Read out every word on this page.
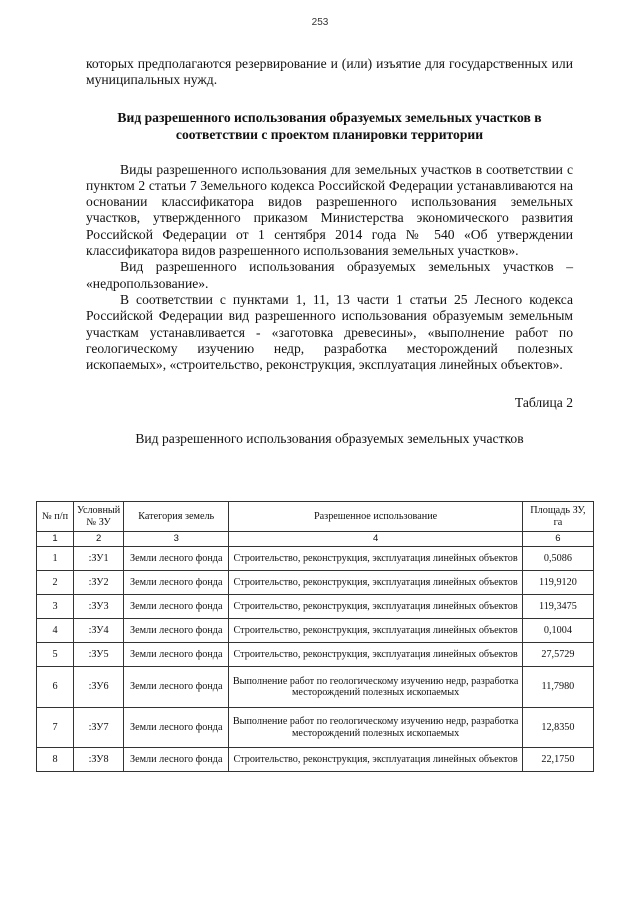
253

которых предполагаются резервирование и (или) изъятие для государственных или муниципальных нужд.

Вид разрешенного использования образуемых земельных участков в соответствии с проектом планировки территории

Виды разрешенного использования для земельных участков в соответствии с пунктом 2 статьи 7 Земельного кодекса Российской Федерации устанавливаются на основании классификатора видов разрешенного использования земельных участков, утвержденного приказом Министерства экономического развития Российской Федерации от 1 сентября 2014 года № 540 «Об утверждении классификатора видов разрешенного использования земельных участков».

Вид разрешенного использования образуемых земельных участков – «недропользование».

В соответствии с пунктами 1, 11, 13 части 1 статьи 25 Лесного кодекса Российской Федерации вид разрешенного использования образуемым земельным участкам устанавливается - «заготовка древесины», «выполнение работ по геологическому изучению недр, разработка месторождений полезных ископаемых», «строительство, реконструкция, эксплуатация линейных объектов».

Таблица 2

Вид разрешенного использования образуемых земельных участков

№ п/п	Условный № ЗУ	Категория земель	Разрешенное использование	Площадь ЗУ, га
1	2	3	4	6
1	:ЗУ1	Земли лесного фонда	Строительство, реконструкция, эксплуатация линейных объектов	0,5086
2	:ЗУ2	Земли лесного фонда	Строительство, реконструкция, эксплуатация линейных объектов	119,9120
3	:ЗУ3	Земли лесного фонда	Строительство, реконструкция, эксплуатация линейных объектов	119,3475
4	:ЗУ4	Земли лесного фонда	Строительство, реконструкция, эксплуатация линейных объектов	0,1004
5	:ЗУ5	Земли лесного фонда	Строительство, реконструкция, эксплуатация линейных объектов	27,5729
6	:ЗУ6	Земли лесного фонда	Выполнение работ по геологическому изучению недр, разработка месторождений полезных ископаемых	11,7980
7	:ЗУ7	Земли лесного фонда	Выполнение работ по геологическому изучению недр, разработка месторождений полезных ископаемых	12,8350
8	:ЗУ8	Земли лесного фонда	Строительство, реконструкция, эксплуатация линейных объектов	22,1750
